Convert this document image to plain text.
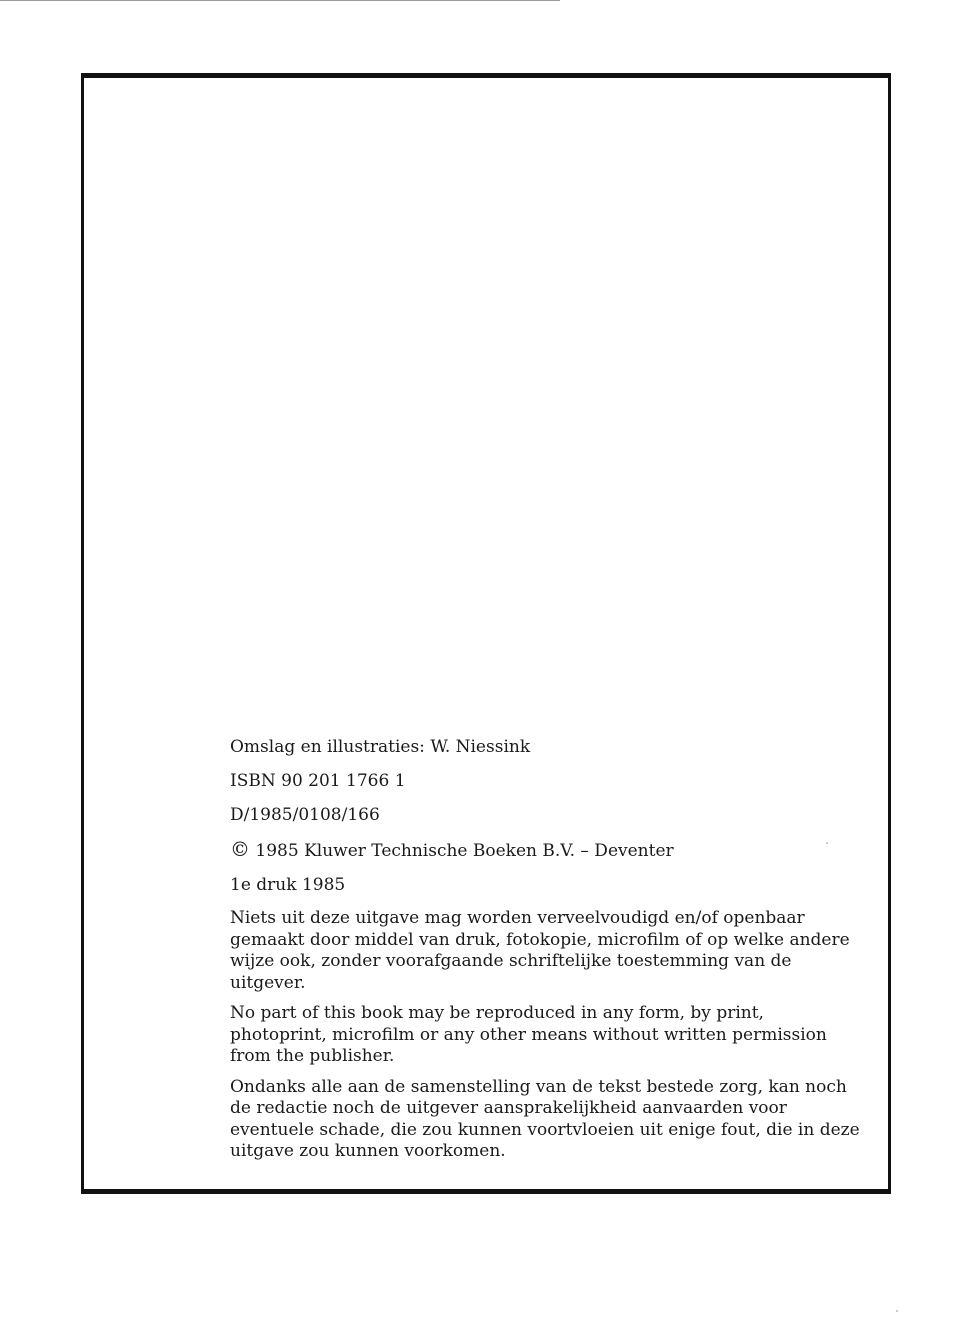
Omslag en illustraties: W. Niessink

ISBN 90 201 1766 1

D/1985/0108/166

© 1985 Kluwer Technische Boeken B.V. – Deventer

1e druk 1985

Niets uit deze uitgave mag worden verveelvoudigd en/of openbaar gemaakt door middel van druk, fotokopie, microfilm of op welke andere wijze ook, zonder voorafgaande schriftelijke toestemming van de uitgever.

No part of this book may be reproduced in any form, by print, photoprint, microfilm or any other means without written permission from the publisher.

Ondanks alle aan de samenstelling van de tekst bestede zorg, kan noch de redactie noch de uitgever aansprakelijkheid aanvaarden voor eventuele schade, die zou kunnen voortvloeien uit enige fout, die in deze uitgave zou kunnen voorkomen.
